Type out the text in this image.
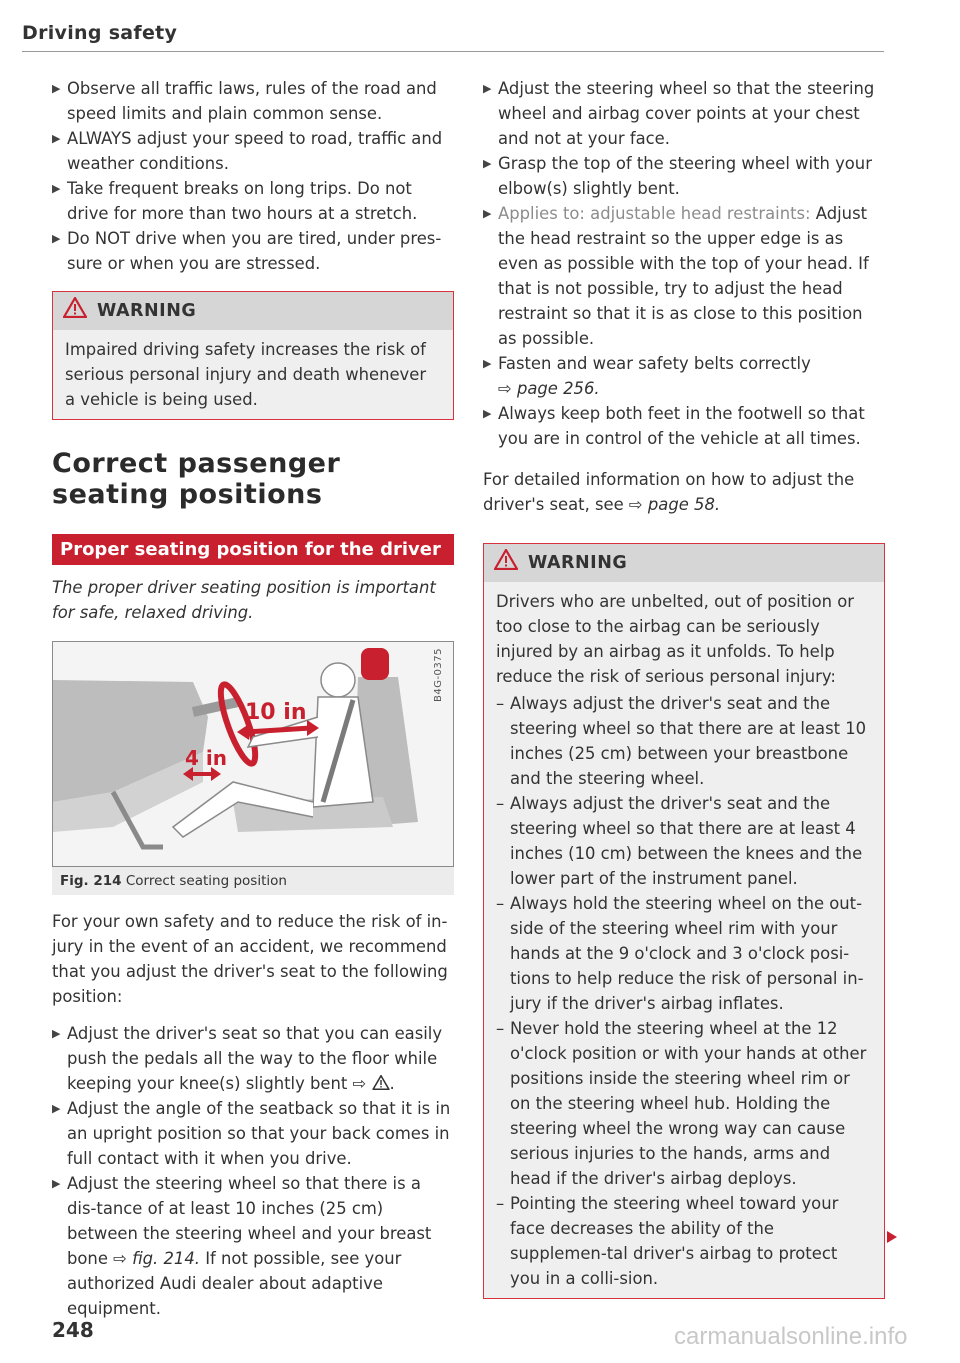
Driving safety
▶ Observe all traffic laws, rules of the road and speed limits and plain common sense.
▶ ALWAYS adjust your speed to road, traffic and weather conditions.
▶ Take frequent breaks on long trips. Do not drive for more than two hours at a stretch.
▶ Do NOT drive when you are tired, under pres-sure or when you are stressed.
WARNING
Impaired driving safety increases the risk of serious personal injury and death whenever a vehicle is being used.
Correct passenger seating positions
Proper seating position for the driver
The proper driver seating position is important for safe, relaxed driving.
10 in
4 in
B4G-0375
Fig. 214 Correct seating position
For your own safety and to reduce the risk of in-jury in the event of an accident, we recommend that you adjust the driver's seat to the following position:
▶ Adjust the driver's seat so that you can easily push the pedals all the way to the floor while keeping your knee(s) slightly bent ⇨ .
▶ Adjust the angle of the seatback so that it is in an upright position so that your back comes in full contact with it when you drive.
▶ Adjust the steering wheel so that there is a dis-tance of at least 10 inches (25 cm) between the steering wheel and your breast bone ⇨ fig. 214. If not possible, see your authorized Audi dealer about adaptive equipment.
▶ Adjust the steering wheel so that the steering wheel and airbag cover points at your chest and not at your face.
▶ Grasp the top of the steering wheel with your elbow(s) slightly bent.
▶ Applies to: adjustable head restraints: Adjust the head restraint so the upper edge is as even as possible with the top of your head. If that is not possible, try to adjust the head restraint so that it is as close to this position as possible.
▶ Fasten and wear safety belts correctly
⇨ page 256.
▶ Always keep both feet in the footwell so that you are in control of the vehicle at all times.
For detailed information on how to adjust the driver's seat, see ⇨ page 58.
WARNING
Drivers who are unbelted, out of position or too close to the airbag can be seriously injured by an airbag as it unfolds. To help reduce the risk of serious personal injury:
– Always adjust the driver's seat and the steering wheel so that there are at least 10 inches (25 cm) between your breastbone and the steering wheel.
– Always adjust the driver's seat and the steering wheel so that there are at least 4 inches (10 cm) between the knees and the lower part of the instrument panel.
– Always hold the steering wheel on the out-side of the steering wheel rim with your hands at the 9 o'clock and 3 o'clock posi-tions to help reduce the risk of personal in-jury if the driver's airbag inflates.
– Never hold the steering wheel at the 12 o'clock position or with your hands at other positions inside the steering wheel rim or on the steering wheel hub. Holding the steering wheel the wrong way can cause serious injuries to the hands, arms and head if the driver's airbag deploys.
– Pointing the steering wheel toward your face decreases the ability of the supplemen-tal driver's airbag to protect you in a colli-sion.
248	carmanualsonline.info
